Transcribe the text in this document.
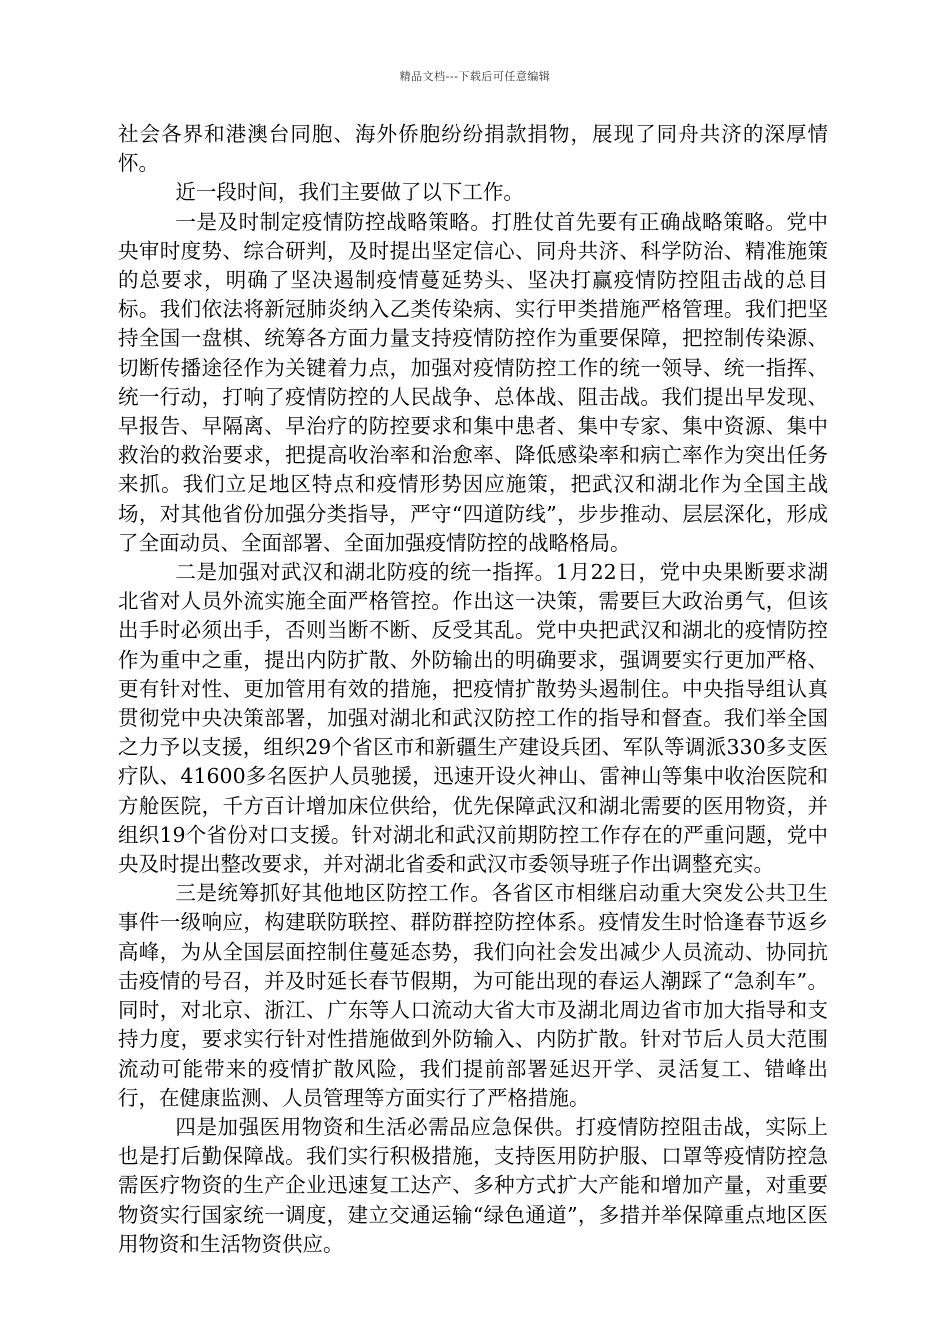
精品文档---下载后可任意编辑

社会各界和港澳台同胞、海外侨胞纷纷捐款捐物，展现了同舟共济的深厚情怀。

近一段时间，我们主要做了以下工作。

一是及时制定疫情防控战略策略。打胜仗首先要有正确战略策略。党中央审时度势、综合研判，及时提出坚定信心、同舟共济、科学防治、精准施策的总要求，明确了坚决遏制疫情蔓延势头、坚决打赢疫情防控阻击战的总目标。我们依法将新冠肺炎纳入乙类传染病、实行甲类措施严格管理。我们把坚持全国一盘棋、统筹各方面力量支持疫情防控作为重要保障，把控制传染源、切断传播途径作为关键着力点，加强对疫情防控工作的统一领导、统一指挥、统一行动，打响了疫情防控的人民战争、总体战、阻击战。我们提出早发现、早报告、早隔离、早治疗的防控要求和集中患者、集中专家、集中资源、集中救治的救治要求，把提高收治率和治愈率、降低感染率和病亡率作为突出任务来抓。我们立足地区特点和疫情形势因应施策，把武汉和湖北作为全国主战场，对其他省份加强分类指导，严守“四道防线”，步步推动、层层深化，形成了全面动员、全面部署、全面加强疫情防控的战略格局。

二是加强对武汉和湖北防疫的统一指挥。1月22日，党中央果断要求湖北省对人员外流实施全面严格管控。作出这一决策，需要巨大政治勇气，但该出手时必须出手，否则当断不断、反受其乱。党中央把武汉和湖北的疫情防控作为重中之重，提出内防扩散、外防输出的明确要求，强调要实行更加严格、更有针对性、更加管用有效的措施，把疫情扩散势头遏制住。中央指导组认真贯彻党中央决策部署，加强对湖北和武汉防控工作的指导和督查。我们举全国之力予以支援，组织29个省区市和新疆生产建设兵团、军队等调派330多支医疗队、41600多名医护人员驰援，迅速开设火神山、雷神山等集中收治医院和方舱医院，千方百计增加床位供给，优先保障武汉和湖北需要的医用物资，并组织19个省份对口支援。针对湖北和武汉前期防控工作存在的严重问题，党中央及时提出整改要求，并对湖北省委和武汉市委领导班子作出调整充实。

三是统筹抓好其他地区防控工作。各省区市相继启动重大突发公共卫生事件一级响应，构建联防联控、群防群控防控体系。疫情发生时恰逢春节返乡高峰，为从全国层面控制住蔓延态势，我们向社会发出减少人员流动、协同抗击疫情的号召，并及时延长春节假期，为可能出现的春运人潮踩了“急刹车”。同时，对北京、浙江、广东等人口流动大省大市及湖北周边省市加大指导和支持力度，要求实行针对性措施做到外防输入、内防扩散。针对节后人员大范围流动可能带来的疫情扩散风险，我们提前部署延迟开学、灵活复工、错峰出行，在健康监测、人员管理等方面实行了严格措施。

四是加强医用物资和生活必需品应急保供。打疫情防控阻击战，实际上也是打后勤保障战。我们实行积极措施，支持医用防护服、口罩等疫情防控急需医疗物资的生产企业迅速复工达产、多种方式扩大产能和增加产量，对重要物资实行国家统一调度，建立交通运输“绿色通道”，多措并举保障重点地区医用物资和生活物资供应。
